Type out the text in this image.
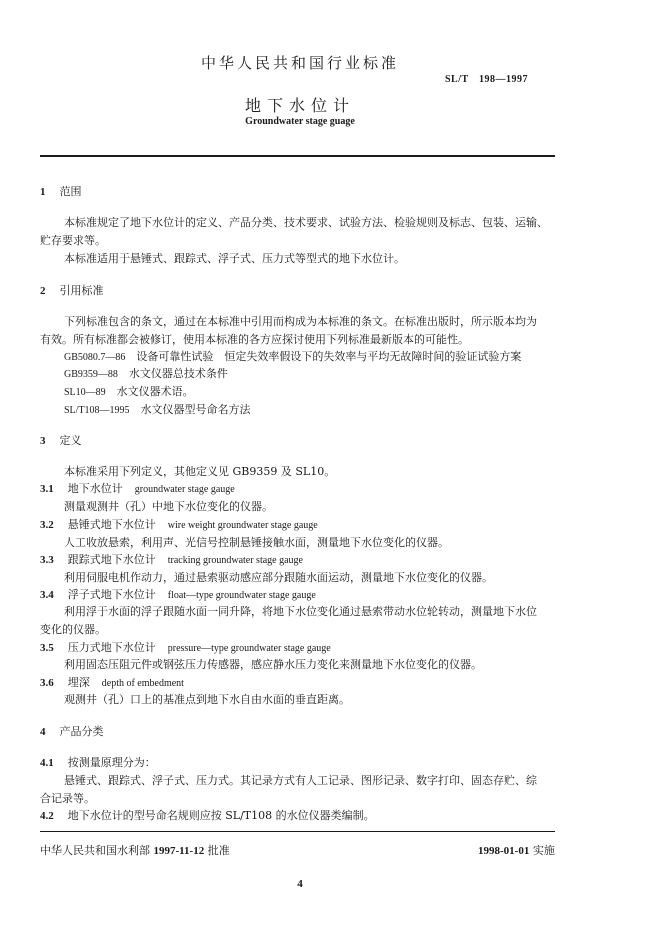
中华人民共和国行业标准
SL/T　198—1997
地下水位计
Groundwater stage guage
1 范围
本标准规定了地下水位计的定义、产品分类、技术要求、试验方法、检验规则及标志、包装、运输、
贮存要求等。
本标准适用于悬锤式、跟踪式、浮子式、压力式等型式的地下水位计。
2 引用标准
下列标准包含的条文，通过在本标准中引用而构成为本标准的条文。在标准出版时，所示版本均为
有效。所有标准都会被修订，使用本标准的各方应探讨使用下列标准最新版本的可能性。
GB5080.7—86　 设备可靠性试验　恒定失效率假设下的失效率与平均无故障时间的验证试验方案
GB9359—88　 水文仪器总技术条件
SL10—89　 水文仪器术语。
SL/T108—1995　 水文仪器型号命名方法
3 定义
本标准采用下列定义，其他定义见 GB9359 及 SL10。
3.1 地下水位计 groundwater stage gauge
测量观测井（孔）中地下水位变化的仪器。
3.2 悬锤式地下水位计 wire weight groundwater stage gauge
人工收放悬索，利用声、光信号控制悬锤接触水面，测量地下水位变化的仪器。
3.3 跟踪式地下水位计 tracking groundwater stage gauge
利用伺服电机作动力，通过悬索驱动感应部分跟随水面运动，测量地下水位变化的仪器。
3.4 浮子式地下水位计 float—type groundwater stage gauge
利用浮于水面的浮子跟随水面一同升降，将地下水位变化通过悬索带动水位轮转动，测量地下水位
变化的仪器。
3.5 压力式地下水位计 pressure—type groundwater stage gauge
利用固态压阻元件或钢弦压力传感器，感应静水压力变化来测量地下水位变化的仪器。
3.6 埋深 depth of embedment
观测井（孔）口上的基准点到地下水自由水面的垂直距离。
4 产品分类
4.1 按测量原理分为：
悬锤式、跟踪式、浮子式、压力式。其记录方式有人工记录、图形记录、数字打印、固态存贮、综
合记录等。
4.2 地下水位计的型号命名规则应按 SL/T108 的水位仪器类编制。
中华人民共和国水利部 1997-11-12 批准	1998-01-01 实施
4
